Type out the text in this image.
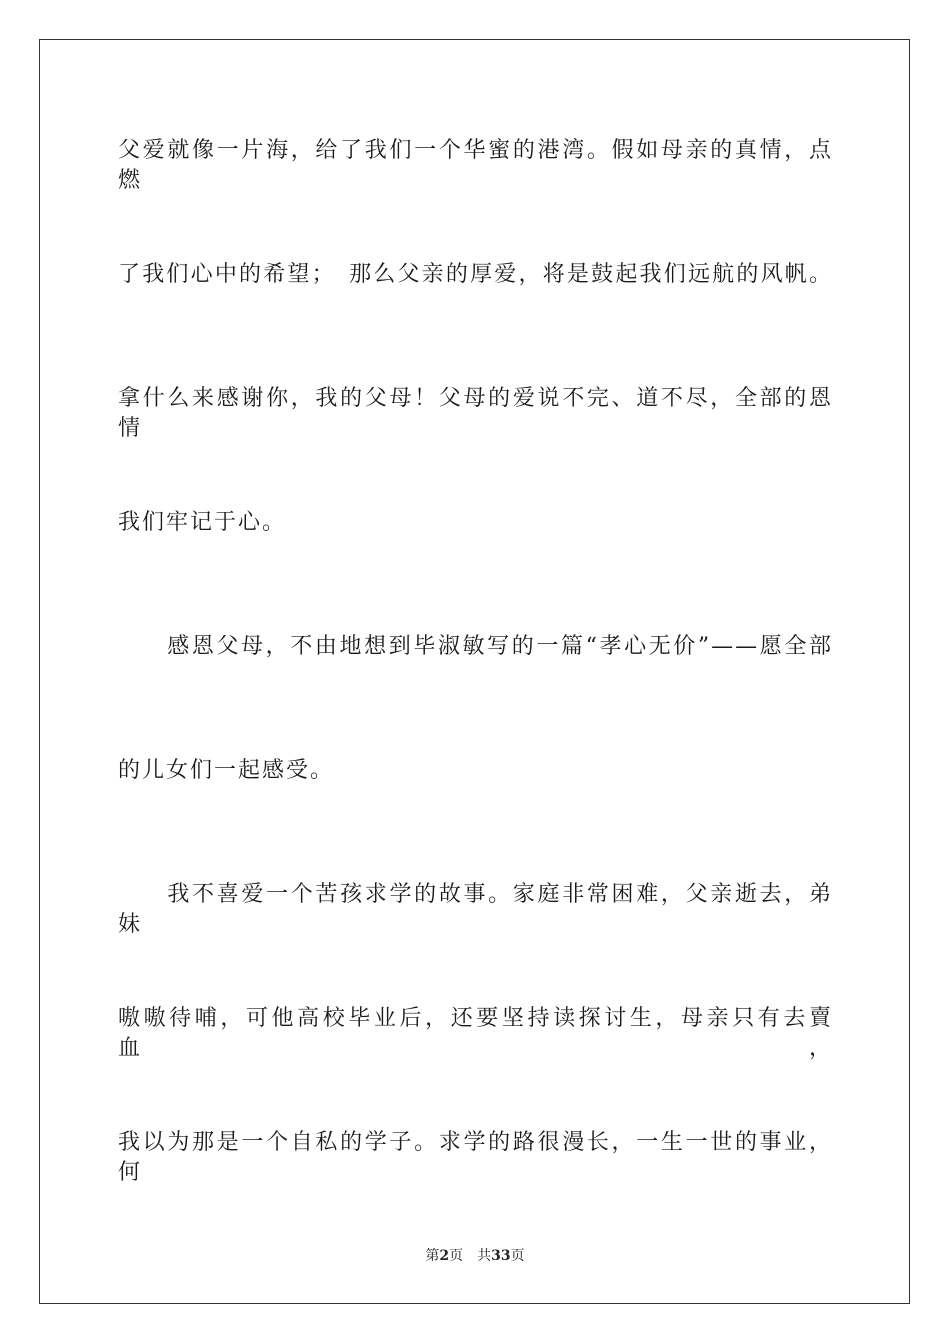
父爱就像一片海，给了我们一个华蜜的港湾。假如母亲的真情，点燃
了我们心中的希望；　那么父亲的厚爱，将是鼓起我们远航的风帆。
拿什么来感谢你，我的父母！父母的爱说不完、道不尽，全部的恩情
我们牢记于心。
　　感恩父母，不由地想到毕淑敏写的一篇“孝心无价”——愿全部
的儿女们一起感受。
　　我不喜爱一个苦孩求学的故事。家庭非常困难，父亲逝去，弟妹
嗷嗷待哺，可他高校毕业后，还要坚持读探讨生，母亲只有去賣血，
我以为那是一个自私的学子。求学的路很漫长，一生一世的事业，何
第2页　 共33页
